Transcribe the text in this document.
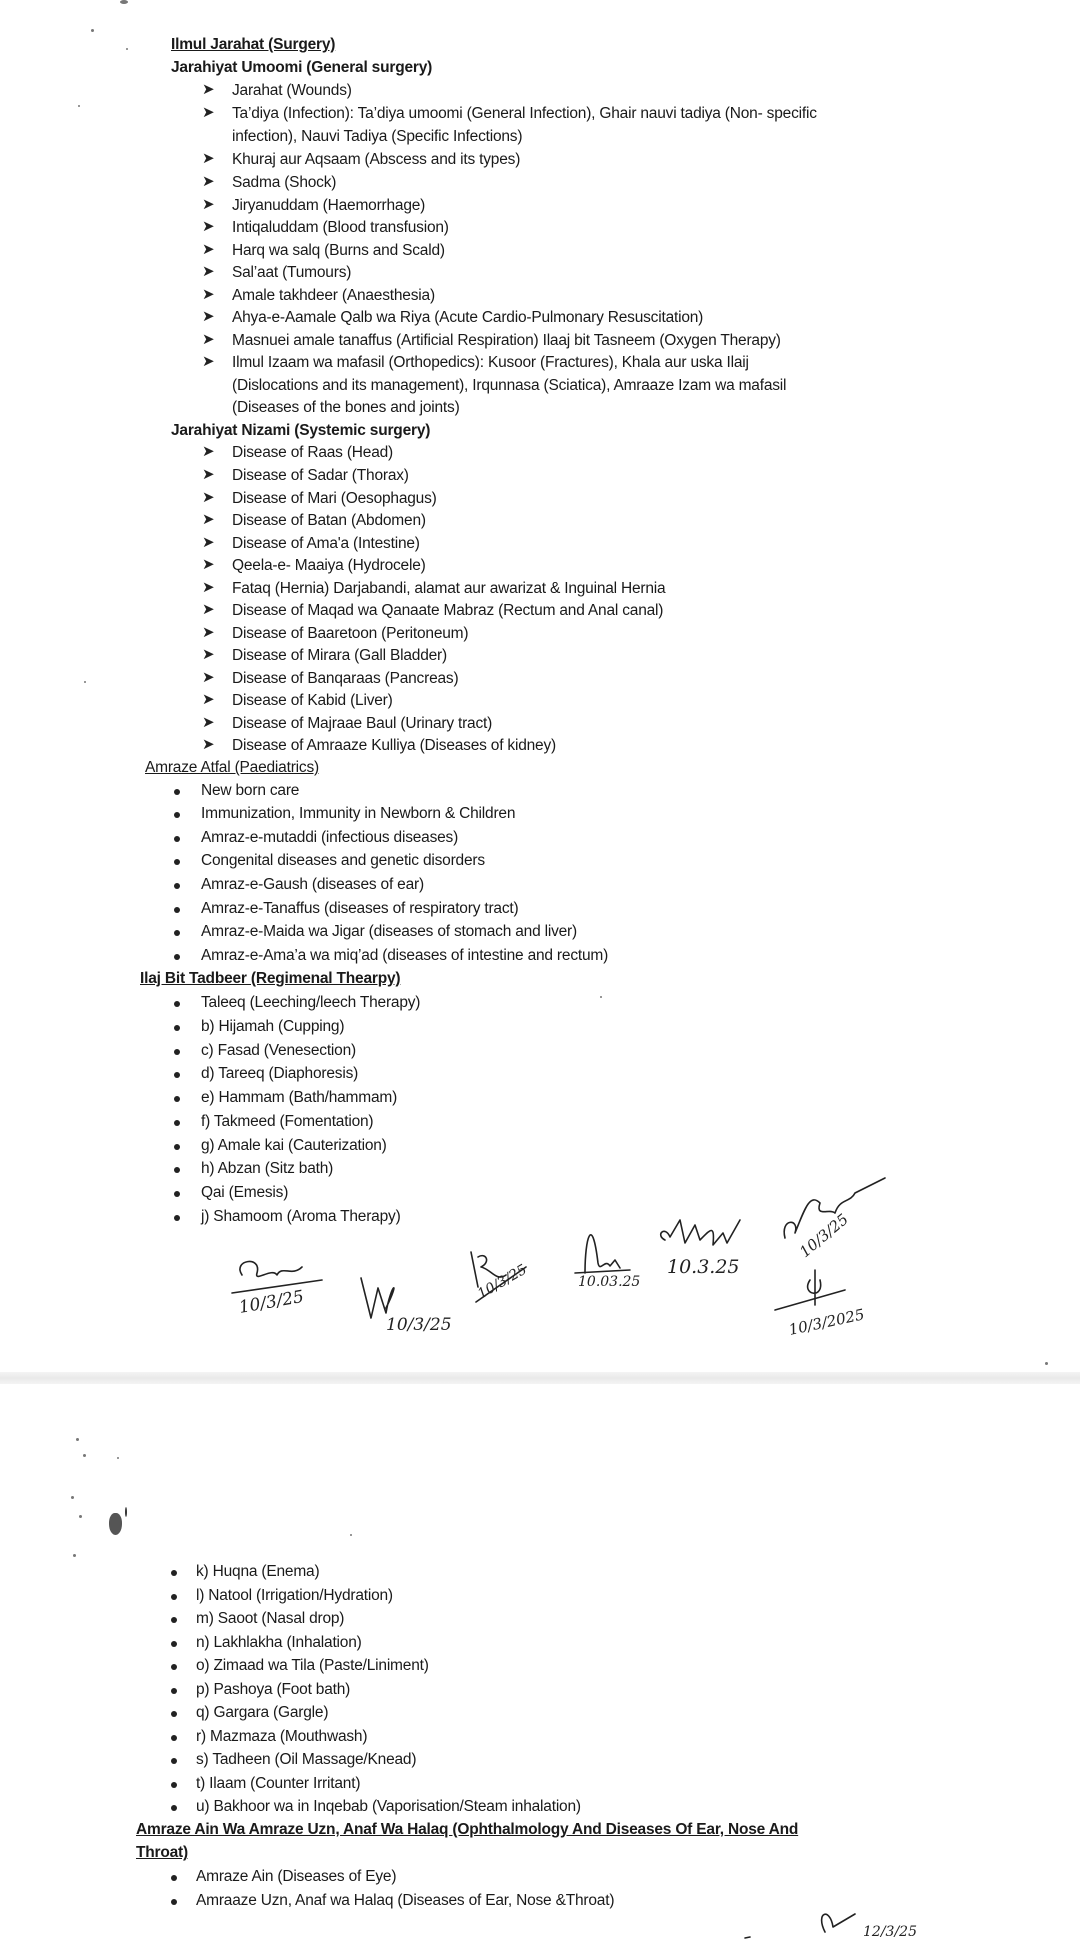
Ilmul Jarahat (Surgery)
Jarahiyat Umoomi (General surgery)
➤ Jarahat (Wounds)
➤ Ta’diya (Infection): Ta’diya umoomi (General Infection), Ghair nauvi tadiya (Non- specific
infection), Nauvi Tadiya (Specific Infections)
➤ Khuraj aur Aqsaam (Abscess and its types)
➤ Sadma (Shock)
➤ Jiryanuddam (Haemorrhage)
➤ Intiqaluddam (Blood transfusion)
➤ Harq wa salq (Burns and Scald)
➤ Sal’aat (Tumours)
➤ Amale takhdeer (Anaesthesia)
➤ Ahya-e-Aamale Qalb wa Riya (Acute Cardio-Pulmonary Resuscitation)
➤ Masnuei amale tanaffus (Artificial Respiration) Ilaaj bit Tasneem (Oxygen Therapy)
➤ Ilmul Izaam wa mafasil (Orthopedics): Kusoor (Fractures), Khala aur uska Ilaij
(Dislocations and its management), Irqunnasa (Sciatica), Amraaze Izam wa mafasil
(Diseases of the bones and joints)
Jarahiyat Nizami (Systemic surgery)
➤ Disease of Raas (Head)
➤ Disease of Sadar (Thorax)
➤ Disease of Mari (Oesophagus)
➤ Disease of Batan (Abdomen)
➤ Disease of Ama'a (Intestine)
➤ Qeela-e- Maaiya (Hydrocele)
➤ Fataq (Hernia) Darjabandi, alamat aur awarizat & Inguinal Hernia
➤ Disease of Maqad wa Qanaate Mabraz (Rectum and Anal canal)
➤ Disease of Baaretoon (Peritoneum)
➤ Disease of Mirara (Gall Bladder)
➤ Disease of Banqaraas (Pancreas)
➤ Disease of Kabid (Liver)
➤ Disease of Majraae Baul (Urinary tract)
➤ Disease of Amraaze Kulliya (Diseases of kidney)
Amraze Atfal (Paediatrics)
New born care
Immunization, Immunity in Newborn & Children
Amraz-e-mutaddi (infectious diseases)
Congenital diseases and genetic disorders
Amraz-e-Gaush (diseases of ear)
Amraz-e-Tanaffus (diseases of respiratory tract)
Amraz-e-Maida wa Jigar (diseases of stomach and liver)
Amraz-e-Ama’a wa miq’ad (diseases of intestine and rectum)
Ilaj Bit Tadbeer (Regimenal Thearpy)
Taleeq (Leeching/leech Therapy)
b) Hijamah (Cupping)
c) Fasad (Venesection)
d) Tareeq (Diaphoresis)
e) Hammam (Bath/hammam)
f) Takmeed (Fomentation)
g) Amale kai (Cauterization)
h) Abzan (Sitz bath)
Qai (Emesis)
j) Shamoom (Aroma Therapy)
10/3/25
10/3/25
10/3/25	10.03.25
10.3.25
10/3/25
10/3/2025
k) Huqna (Enema)
l) Natool (Irrigation/Hydration)
m) Saoot (Nasal drop)
n) Lakhlakha (Inhalation)
o) Zimaad wa Tila (Paste/Liniment)
p) Pashoya (Foot bath)
q) Gargara (Gargle)
r) Mazmaza (Mouthwash)
s) Tadheen (Oil Massage/Knead)
t) Ilaam (Counter Irritant)
u) Bakhoor wa in Inqebab (Vaporisation/Steam inhalation)
Amraze Ain Wa Amraze Uzn, Anaf Wa Halaq (Ophthalmology And Diseases Of Ear, Nose And
Throat)
Amraze Ain (Diseases of Eye)
Amraaze Uzn, Anaf wa Halaq (Diseases of Ear, Nose &Throat)
12/3/25
